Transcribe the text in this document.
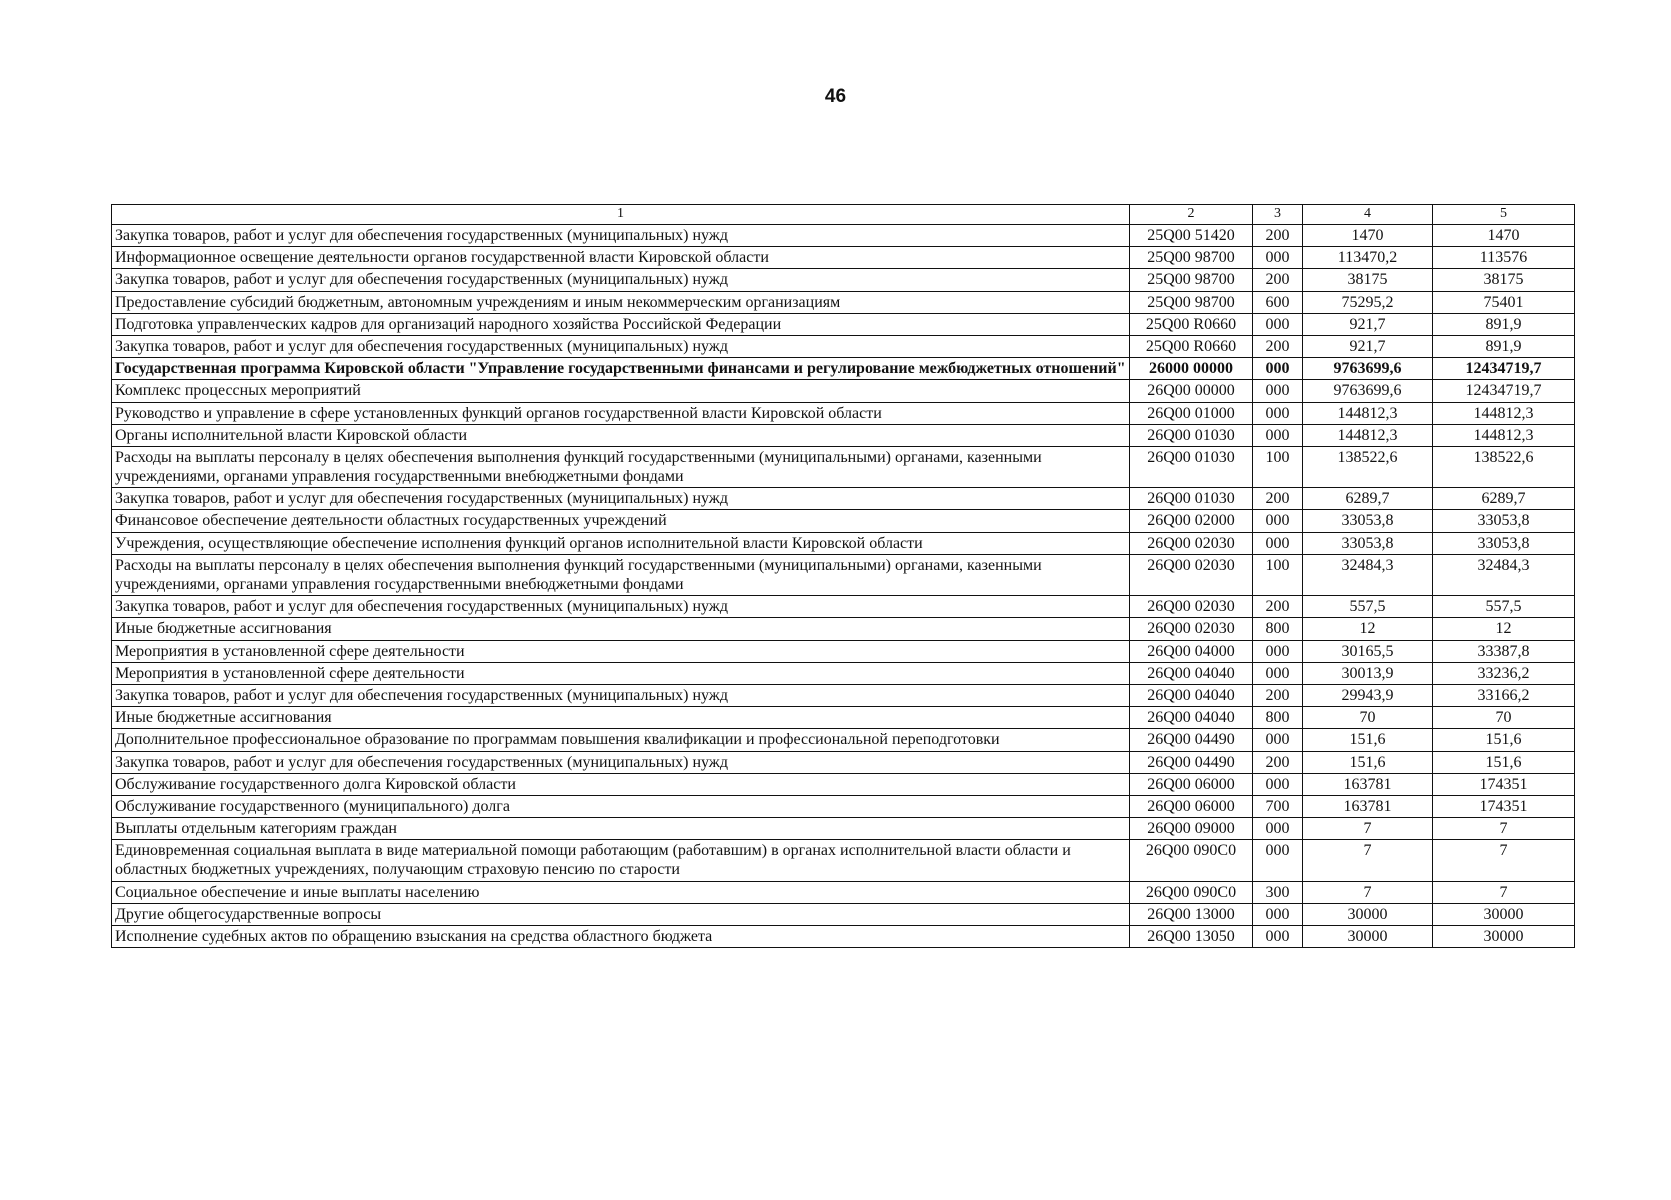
46
1	2	3	4	5
Закупка товаров, работ и услуг для обеспечения государственных (муниципальных) нужд	25Q00 51420	200	1470	1470
Информационное освещение деятельности органов государственной власти Кировской области	25Q00 98700	000	113470,2	113576
Закупка товаров, работ и услуг для обеспечения государственных (муниципальных) нужд	25Q00 98700	200	38175	38175
Предоставление субсидий бюджетным, автономным учреждениям и иным некоммерческим организациям	25Q00 98700	600	75295,2	75401
Подготовка управленческих кадров для организаций народного хозяйства Российской Федерации	25Q00 R0660	000	921,7	891,9
Закупка товаров, работ и услуг для обеспечения государственных (муниципальных) нужд	25Q00 R0660	200	921,7	891,9
Государственная программа Кировской области "Управление государственными финансами и регулирование межбюджетных отношений"	26000 00000	000	9763699,6	12434719,7
Комплекс процессных мероприятий	26Q00 00000	000	9763699,6	12434719,7
Руководство и управление в сфере установленных функций органов государственной власти Кировской области	26Q00 01000	000	144812,3	144812,3
Органы исполнительной власти Кировской области	26Q00 01030	000	144812,3	144812,3
Расходы на выплаты персоналу в целях обеспечения выполнения функций государственными (муниципальными) органами, казенными учреждениями, органами управления государственными внебюджетными фондами	26Q00 01030	100	138522,6	138522,6
Закупка товаров, работ и услуг для обеспечения государственных (муниципальных) нужд	26Q00 01030	200	6289,7	6289,7
Финансовое обеспечение деятельности областных государственных учреждений	26Q00 02000	000	33053,8	33053,8
Учреждения, осуществляющие обеспечение исполнения функций органов исполнительной власти Кировской области	26Q00 02030	000	33053,8	33053,8
Расходы на выплаты персоналу в целях обеспечения выполнения функций государственными (муниципальными) органами, казенными учреждениями, органами управления государственными внебюджетными фондами	26Q00 02030	100	32484,3	32484,3
Закупка товаров, работ и услуг для обеспечения государственных (муниципальных) нужд	26Q00 02030	200	557,5	557,5
Иные бюджетные ассигнования	26Q00 02030	800	12	12
Мероприятия в установленной сфере деятельности	26Q00 04000	000	30165,5	33387,8
Мероприятия в установленной сфере деятельности	26Q00 04040	000	30013,9	33236,2
Закупка товаров, работ и услуг для обеспечения государственных (муниципальных) нужд	26Q00 04040	200	29943,9	33166,2
Иные бюджетные ассигнования	26Q00 04040	800	70	70
Дополнительное профессиональное образование по программам повышения квалификации и профессиональной переподготовки	26Q00 04490	000	151,6	151,6
Закупка товаров, работ и услуг для обеспечения государственных (муниципальных) нужд	26Q00 04490	200	151,6	151,6
Обслуживание государственного долга Кировской области	26Q00 06000	000	163781	174351
Обслуживание государственного (муниципального) долга	26Q00 06000	700	163781	174351
Выплаты отдельным категориям граждан	26Q00 09000	000	7	7
Единовременная социальная выплата в виде материальной помощи работающим (работавшим) в органах исполнительной власти области и областных бюджетных учреждениях, получающим страховую пенсию по старости	26Q00 090C0	000	7	7
Социальное обеспечение и иные выплаты населению	26Q00 090C0	300	7	7
Другие общегосударственные вопросы	26Q00 13000	000	30000	30000
Исполнение судебных актов по обращению взыскания на средства областного бюджета	26Q00 13050	000	30000	30000
